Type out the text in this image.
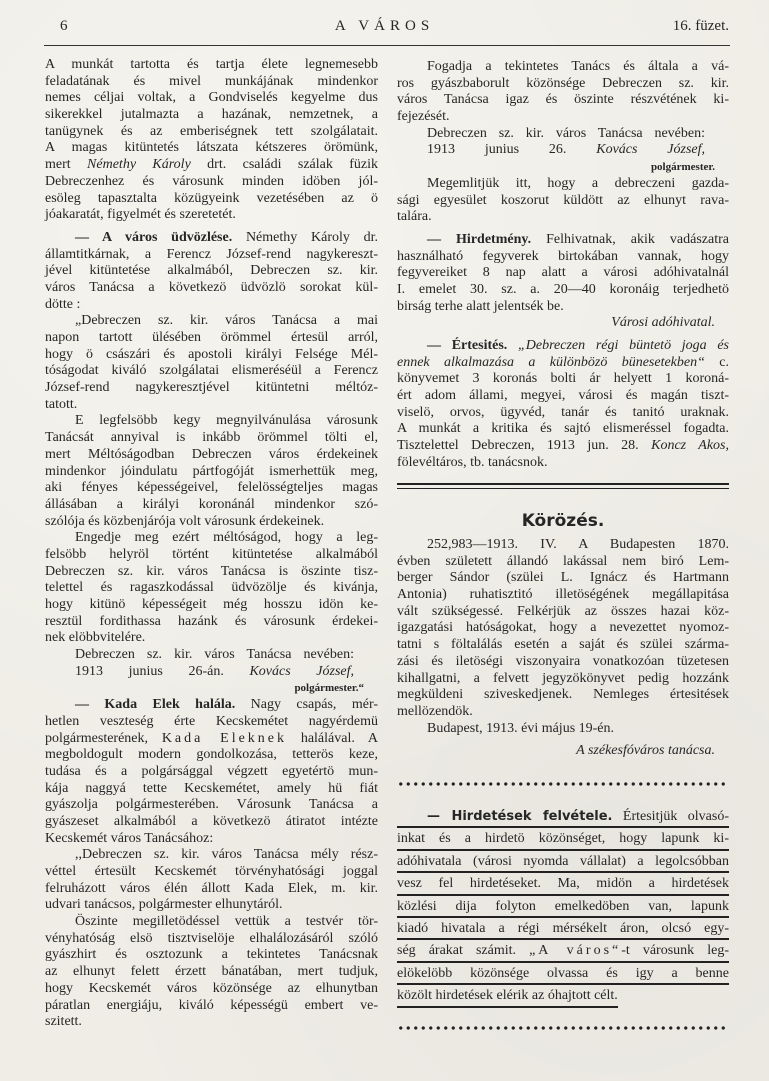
6	A VÁROS	16. füzet.
A munkát tartotta és tartja élete legnemesebb
feladatának és mivel munkájának mindenkor
nemes céljai voltak, a Gondviselés kegyelme dus
sikerekkel jutalmazta a hazának, nemzetnek, a
tanügynek és az emberiségnek tett szolgálatait.
A magas kitüntetés látszata kétszeres örömünk,
mert Némethy Károly drt. családi szálak füzik
Debreczenhez és városunk minden idöben jól-
esöleg tapasztalta közügyeink vezetésében az ö
jóakaratát, figyelmét és szeretetét.
— A város üdvözlése. Némethy Károly dr.
államtitkárnak, a Ferencz József-rend nagykereszt-
jével kitüntetése alkalmából, Debreczen sz. kir.
város Tanácsa a következö üdvözlö sorokat kül-
dötte :
„Debreczen sz. kir. város Tanácsa a mai
napon tartott ülésében örömmel értesül arról,
hogy ö császári és apostoli királyi Felsége Mél-
tóságodat kiváló szolgálatai elismeréséül a Ferencz
József-rend nagykeresztjével kitüntetni méltóz-
tatott.
E legfelsöbb kegy megnyilvánulása városunk
Tanácsát annyival is inkább örömmel tölti el,
mert Méltóságodban Debreczen város érdekeinek
mindenkor jóindulatu pártfogóját ismerhettük meg,
aki fényes képességeivel, felelösségteljes magas
állásában a királyi koronánál mindenkor szó-
szólója és közbenjárója volt városunk érdekeinek.
Engedje meg ezért méltóságod, hogy a leg-
felsöbb helyröl történt kitüntetése alkalmából
Debreczen sz. kir. város Tanácsa is öszinte tisz-
telettel és ragaszkodással üdvözölje és kivánja,
hogy kitünö képességeit még hosszu idön ke-
resztül fordithassa hazánk és városunk érdekei-
nek elöbbvitelére.
Debreczen sz. kir. város Tanácsa nevében:
1913 junius 26-án. Kovács József,
polgármester.“
— Kada Elek halála. Nagy csapás, mér-
hetlen veszteség érte Kecskemétet nagyérdemü
polgármesterének, Kada Eleknek halálával. A
megboldogult modern gondolkozása, tetterös keze,
tudása és a polgársággal végzett egyetértö mun-
kája naggyá tette Kecskemétet, amely hü fiát
gyászolja polgármesterében. Városunk Tanácsa a
gyászeset alkalmából a következö átiratot intézte
Kecskemét város Tanácsához:
,,Debreczen sz. kir. város Tanácsa mély rész-
véttel értesült Kecskemét törvényhatósági joggal
felruházott város élén állott Kada Elek, m. kir.
udvari tanácsos, polgármester elhunytáról.
Öszinte megilletödéssel vettük a testvér tör-
vényhatóság elsö tisztviselöje elhalálozásáról szóló
gyászhirt és osztozunk a tekintetes Tanácsnak
az elhunyt felett érzett bánatában, mert tudjuk,
hogy Kecskemét város közönsége az elhunytban
páratlan energiáju, kiváló képességü embert ve-
szitett.
Fogadja a tekintetes Tanács és általa a vá-
ros gyászbaborult közönsége Debreczen sz. kir.
város Tanácsa igaz és öszinte részvétének ki-
fejezését.
Debreczen sz. kir. város Tanácsa nevében:
1913 junius 26. Kovács József,
polgármester.
Megemlitjük itt, hogy a debreczeni gazda-
sági egyesület koszorut küldött az elhunyt rava-
talára.
— Hirdetmény. Felhivatnak, akik vadászatra
használható fegyverek birtokában vannak, hogy
fegyvereiket 8 nap alatt a városi adóhivatalnál
I. emelet 30. sz. a. 20—40 koronáig terjedhetö
birság terhe alatt jelentsék be.
Városi adóhivatal.
— Értesités. „Debreczen régi büntetö joga és
ennek alkalmazása a különbözö bünesetekben“ c.
könyvemet 3 koronás bolti ár helyett 1 koroná-
ért adom állami, megyei, városi és magán tiszt-
viselö, orvos, ügyvéd, tanár és tanitó uraknak.
A munkát a kritika és sajtó elismeréssel fogadta.
Tisztelettel Debreczen, 1913 jun. 28. Koncz Akos,
fölevéltáros, tb. tanácsnok.
Körözés.
252,983—1913. IV. A Budapesten 1870.
évben született állandó lakással nem biró Lem-
berger Sándor (szülei L. Ignácz és Hartmann
Antonia) ruhatisztitó illetöségének megállapitása
vált szükségessé. Felkérjük az összes hazai köz-
igazgatási hatóságokat, hogy a nevezettet nyomoz-
tatni s föltalálás esetén a saját és szülei szárma-
zási és iletöségi viszonyaira vonatkozóan tüzetesen
kihallgatni, a felvett jegyzökönyvet pedig hozzánk
megküldeni sziveskedjenek. Nemleges értesitések
mellözendök.
Budapest, 1913. évi május 19-én.
A székesfóváros tanácsa.
— Hirdetések felvétele. Értesitjük olvasó-
inkat és a hirdetö közönséget, hogy lapunk ki-
adóhivatala (városi nyomda vállalat) a legolcsóbban
vesz fel hirdetéseket. Ma, midön a hirdetések
közlési dija folyton emelkedöben van, lapunk
kiadó hivatala a régi mérsékelt áron, olcsó egy-
ség árakat számit. „A város“-t városunk leg-
elökelöbb közönsége olvassa és igy a benne
közölt hirdetések elérik az óhajtott célt.
